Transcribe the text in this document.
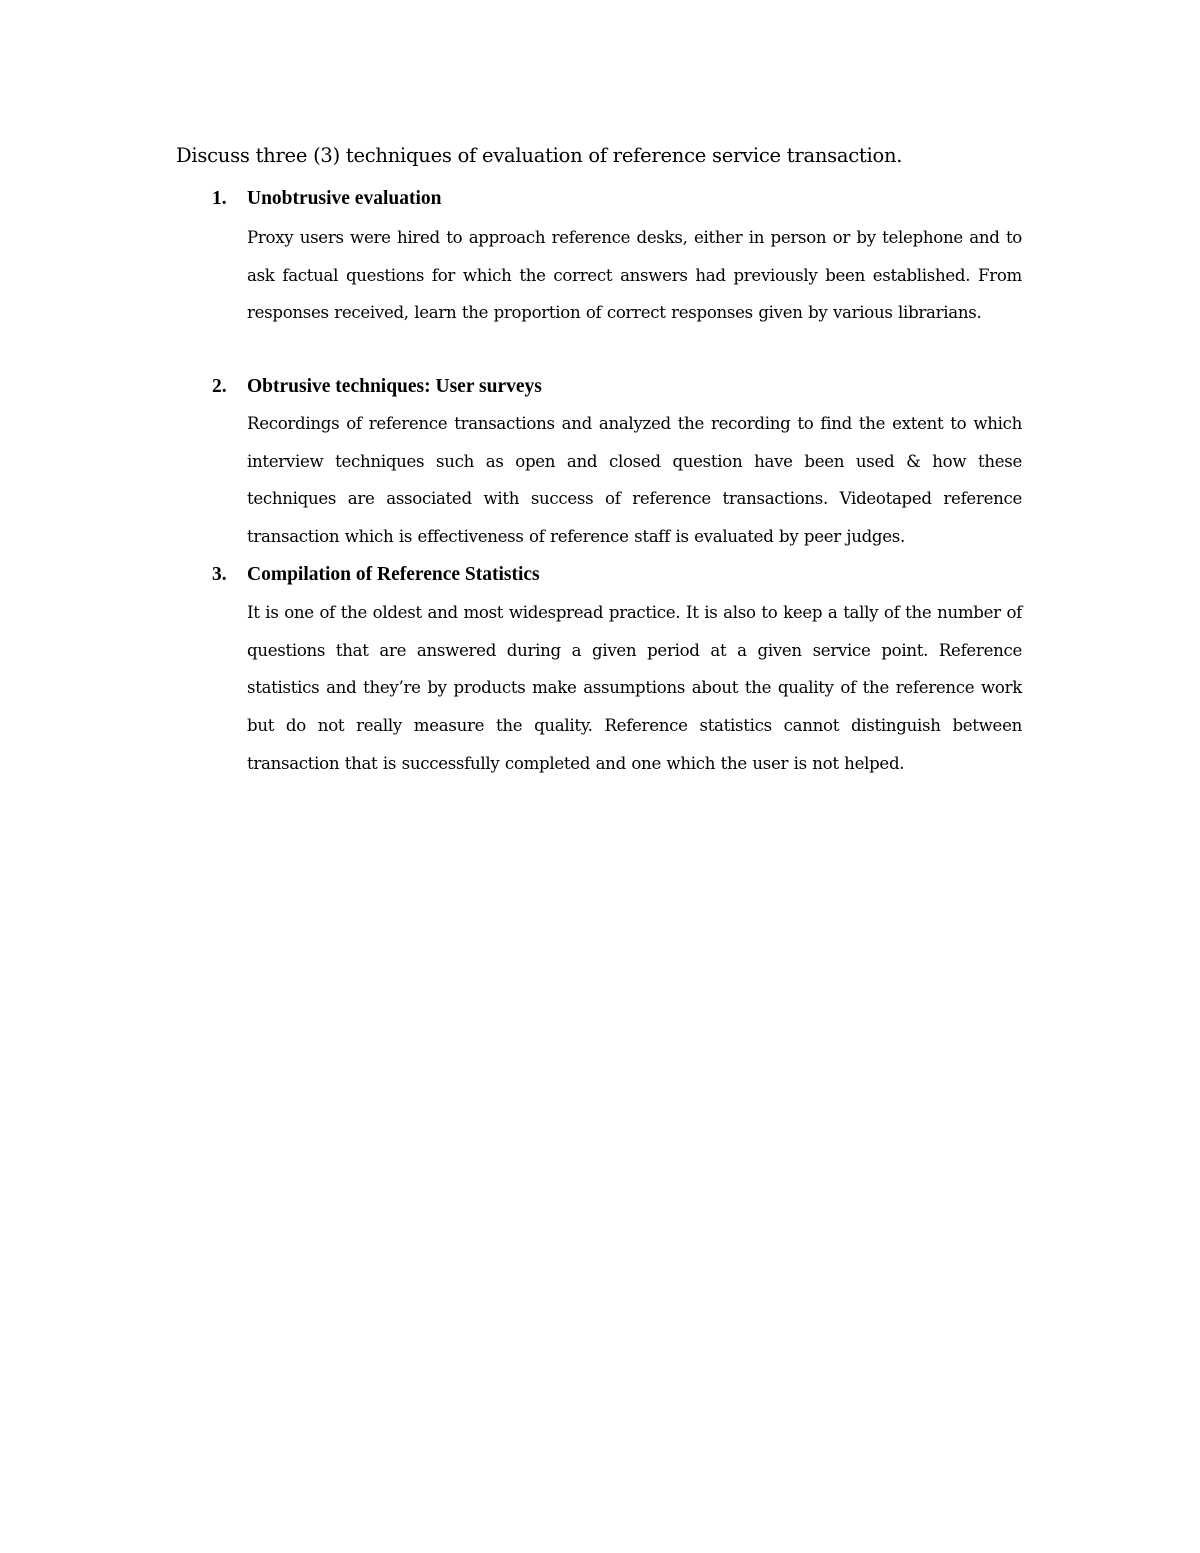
Discuss three (3) techniques of evaluation of reference service transaction.
1. Unobtrusive evaluation
Proxy users were hired to approach reference desks, either in person or by telephone and to ask factual questions for which the correct answers had previously been established. From responses received, learn the proportion of correct responses given by various librarians.
2. Obtrusive techniques: User surveys
Recordings of reference transactions and analyzed the recording to find the extent to which interview techniques such as open and closed question have been used & how these techniques are associated with success of reference transactions. Videotaped reference transaction which is effectiveness of reference staff is evaluated by peer judges.
3. Compilation of Reference Statistics
It is one of the oldest and most widespread practice. It is also to keep a tally of the number of questions that are answered during a given period at a given service point. Reference statistics and they’re by products make assumptions about the quality of the reference work but do not really measure the quality. Reference statistics cannot distinguish between transaction that is successfully completed and one which the user is not helped.
